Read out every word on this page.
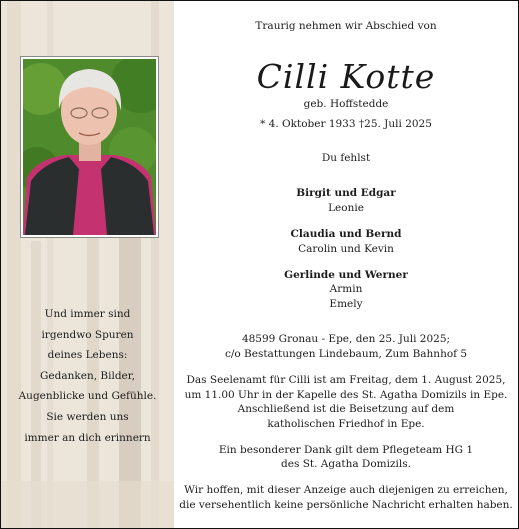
Und immer sind
irgendwo Spuren
deines Lebens:
Gedanken, Bilder,
Augenblicke und Gefühle.
Sie werden uns
immer an dich erinnern
Traurig nehmen wir Abschied von
Cilli Kotte
geb. Hoffstedde
* 4. Oktober 1933 †25. Juli 2025
Du fehlst
Birgit und Edgar
Leonie
Claudia und Bernd
Carolin und Kevin
Gerlinde und Werner
Armin
Emely
48599 Gronau - Epe, den 25. Juli 2025;
c/o Bestattungen Lindebaum, Zum Bahnhof 5
Das Seelenamt für Cilli ist am Freitag, dem 1. August 2025,
um 11.00 Uhr in der Kapelle des St. Agatha Domizils in Epe.
Anschließend ist die Beisetzung auf dem
katholischen Friedhof in Epe.
Ein besonderer Dank gilt dem Pflegeteam HG 1
des St. Agatha Domizils.
Wir hoffen, mit dieser Anzeige auch diejenigen zu erreichen,
die versehentlich keine persönliche Nachricht erhalten haben.
